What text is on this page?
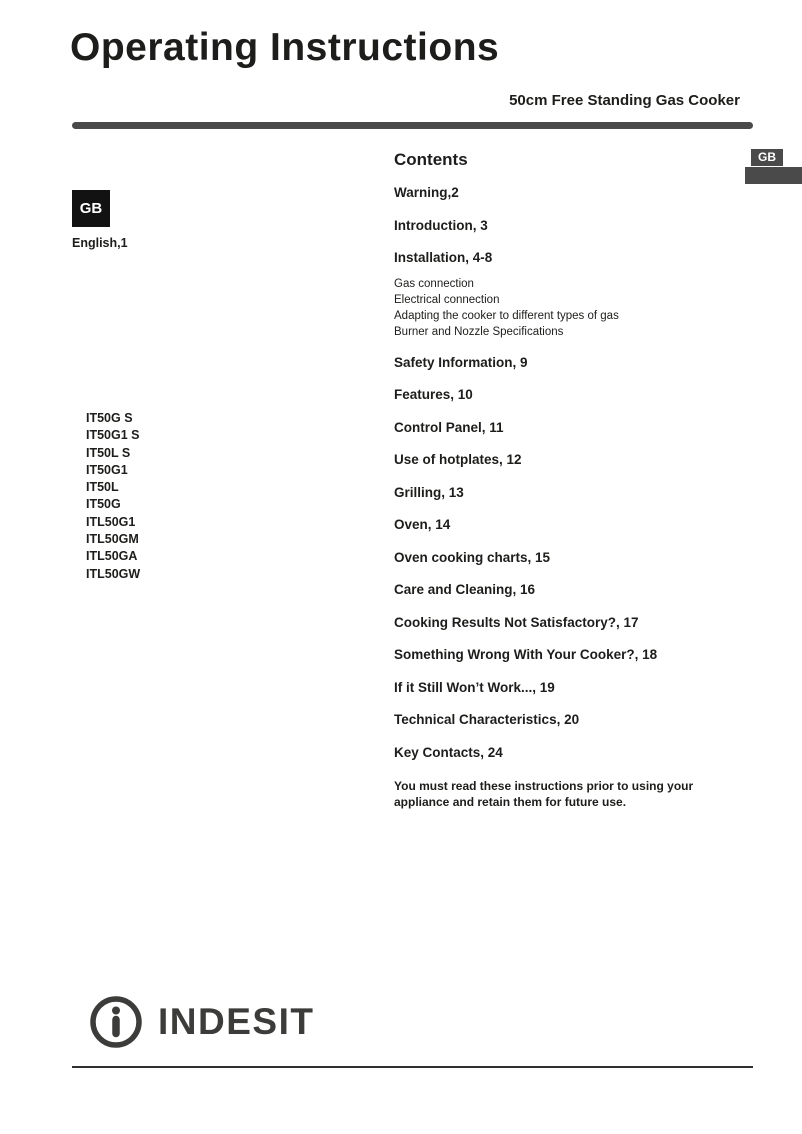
Operating Instructions

50cm Free Standing Gas Cooker

GB
GB

English,1

IT50G S

IT50G1 S

IT50L S

IT50G1

IT50L

IT50G

ITL50G1

ITL50GM

ITL50GA

ITL50GW

Contents

Warning,2

Introduction, 3

Installation, 4-8

Gas connection

Electrical connection

Adapting the cooker to different types of gas

Burner and Nozzle Specifications

Safety Information, 9

Features, 10

Control Panel, 11

Use of hotplates, 12

Grilling, 13

Oven, 14

Oven cooking charts, 15

Care and Cleaning, 16

Cooking Results Not Satisfactory?, 17

Something Wrong With Your Cooker?, 18

If it Still Won’t Work..., 19

Technical Characteristics, 20

Key Contacts, 24

You must read these instructions prior to using your appliance and retain them for future use.

INDESIT
